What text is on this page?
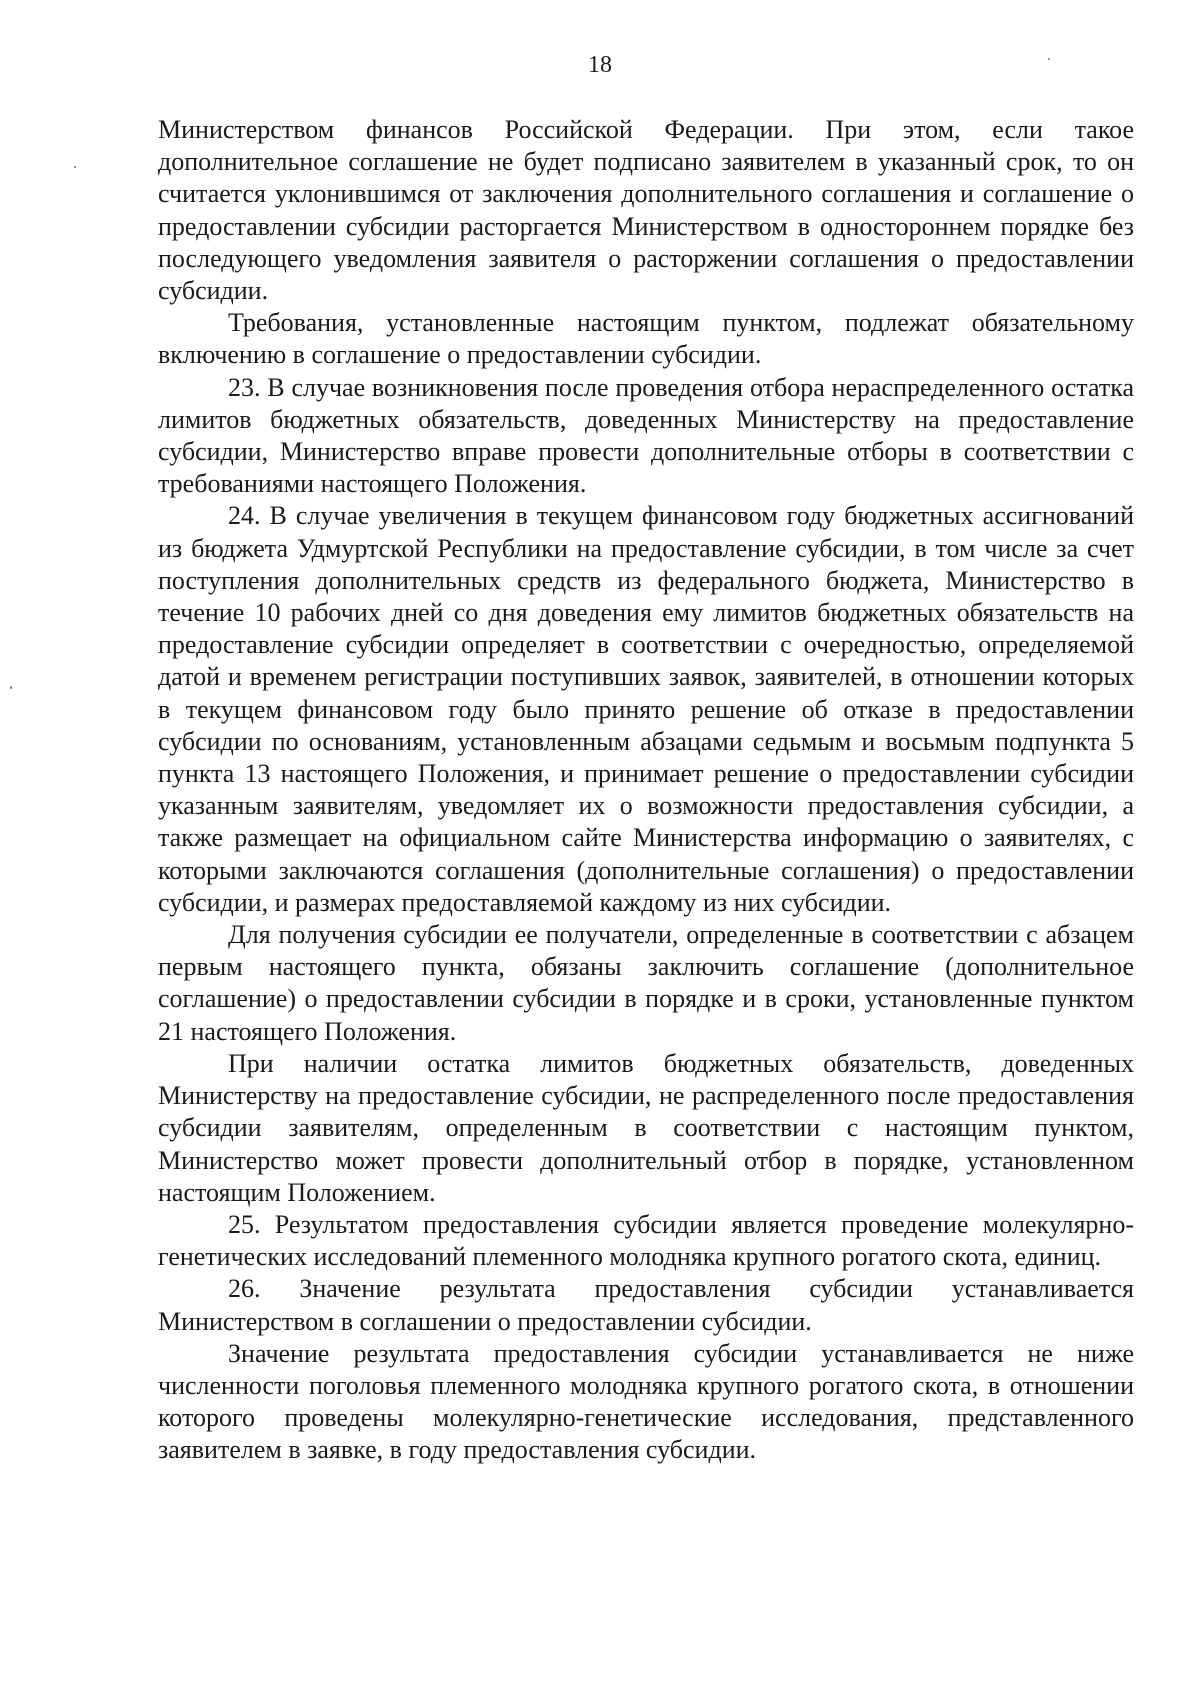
18

Министерством финансов Российской Федерации. При этом, если такое дополнительное соглашение не будет подписано заявителем в указанный срок, то он считается уклонившимся от заключения дополнительного соглашения и соглашение о предоставлении субсидии расторгается Министерством в одностороннем порядке без последующего уведомления заявителя о расторжении соглашения о предоставлении субсидии.

Требования, установленные настоящим пунктом, подлежат обязательному включению в соглашение о предоставлении субсидии.

23. В случае возникновения после проведения отбора нераспределенного остатка лимитов бюджетных обязательств, доведенных Министерству на предоставление субсидии, Министерство вправе провести дополнительные отборы в соответствии с требованиями настоящего Положения.

24. В случае увеличения в текущем финансовом году бюджетных ассигнований из бюджета Удмуртской Республики на предоставление субсидии, в том числе за счет поступления дополнительных средств из федерального бюджета, Министерство в течение 10 рабочих дней со дня доведения ему лимитов бюджетных обязательств на предоставление субсидии определяет в соответствии с очередностью, определяемой датой и временем регистрации поступивших заявок, заявителей, в отношении которых в текущем финансовом году было принято решение об отказе в предоставлении субсидии по основаниям, установленным абзацами седьмым и восьмым подпункта 5 пункта 13 настоящего Положения, и принимает решение о предоставлении субсидии указанным заявителям, уведомляет их о возможности предоставления субсидии, а также размещает на официальном сайте Министерства информацию о заявителях, с которыми заключаются соглашения (дополнительные соглашения) о предоставлении субсидии, и размерах предоставляемой каждому из них субсидии.

Для получения субсидии ее получатели, определенные в соответствии с абзацем первым настоящего пункта, обязаны заключить соглашение (дополнительное соглашение) о предоставлении субсидии в порядке и в сроки, установленные пунктом 21 настоящего Положения.

При наличии остатка лимитов бюджетных обязательств, доведенных Министерству на предоставление субсидии, не распределенного после предоставления субсидии заявителям, определенным в соответствии с настоящим пунктом, Министерство может провести дополнительный отбор в порядке, установленном настоящим Положением.

25. Результатом предоставления субсидии является проведение молекулярно-генетических исследований племенного молодняка крупного рогатого скота, единиц.

26. Значение результата предоставления субсидии устанавливается Министерством в соглашении о предоставлении субсидии.

Значение результата предоставления субсидии устанавливается не ниже численности поголовья племенного молодняка крупного рогатого скота, в отношении которого проведены молекулярно-генетические исследования, представленного заявителем в заявке, в году предоставления субсидии.
